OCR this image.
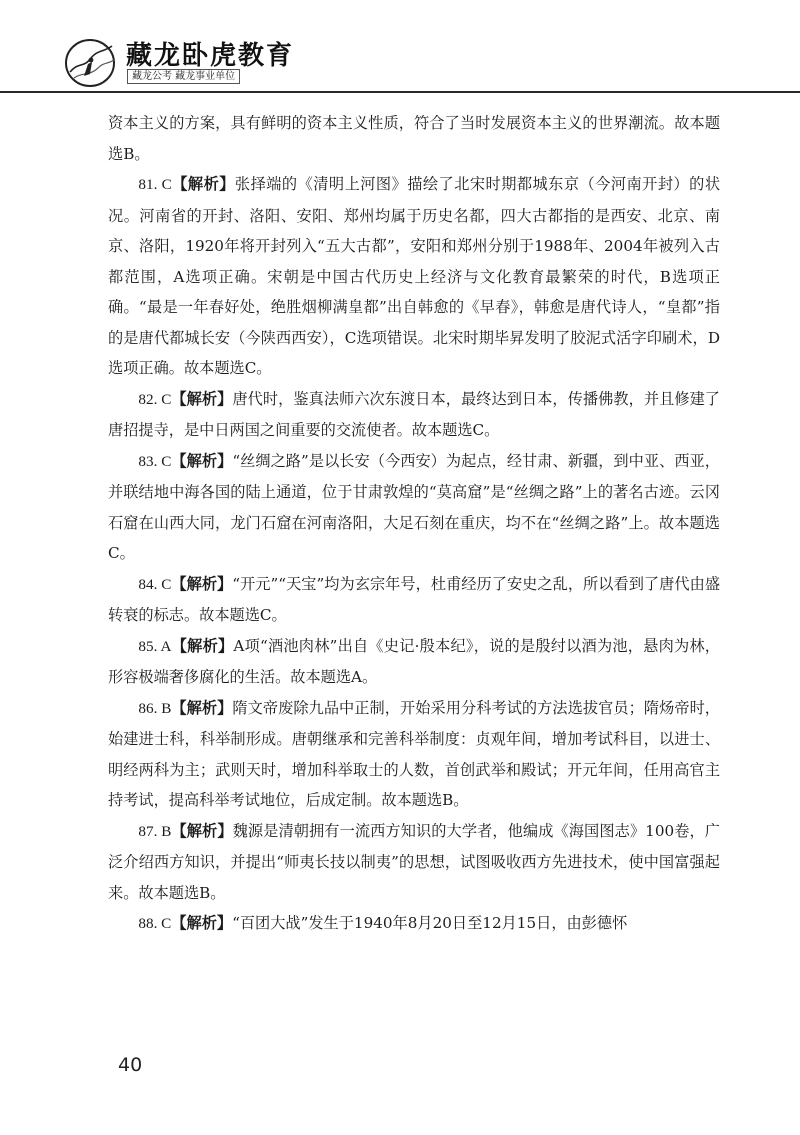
藏龙卧虎教育
藏龙公考 藏龙事业单位

资本主义的方案，具有鲜明的资本主义性质，符合了当时发展资本主义的世界潮流。故本题选B。

81. C【解析】张择端的《清明上河图》描绘了北宋时期都城东京（今河南开封）的状况。河南省的开封、洛阳、安阳、郑州均属于历史名都，四大古都指的是西安、北京、南京、洛阳，1920年将开封列入“五大古都”，安阳和郑州分别于1988年、2004年被列入古都范围，A选项正确。宋朝是中国古代历史上经济与文化教育最繁荣的时代，B选项正确。“最是一年春好处，绝胜烟柳满皇都”出自韩愈的《早春》，韩愈是唐代诗人，“皇都”指的是唐代都城长安（今陕西西安），C选项错误。北宋时期毕昇发明了胶泥式活字印刷术，D选项正确。故本题选C。

82. C【解析】唐代时，鉴真法师六次东渡日本，最终达到日本，传播佛教，并且修建了唐招提寺，是中日两国之间重要的交流使者。故本题选C。

83. C【解析】“丝绸之路”是以长安（今西安）为起点，经甘肃、新疆，到中亚、西亚，并联结地中海各国的陆上通道，位于甘肃敦煌的“莫高窟”是“丝绸之路”上的著名古迹。云冈石窟在山西大同，龙门石窟在河南洛阳，大足石刻在重庆，均不在“丝绸之路”上。故本题选C。

84. C【解析】“开元”“天宝”均为玄宗年号，杜甫经历了安史之乱，所以看到了唐代由盛转衰的标志。故本题选C。

85. A【解析】A项“酒池肉林”出自《史记·殷本纪》，说的是殷纣以酒为池，悬肉为林，形容极端奢侈腐化的生活。故本题选A。

86. B【解析】隋文帝废除九品中正制，开始采用分科考试的方法选拔官员；隋炀帝时，始建进士科，科举制形成。唐朝继承和完善科举制度：贞观年间，增加考试科目，以进士、明经两科为主；武则天时，增加科举取士的人数，首创武举和殿试；开元年间，任用高官主持考试，提高科举考试地位，后成定制。故本题选B。

87. B【解析】魏源是清朝拥有一流西方知识的大学者，他编成《海国图志》100卷，广泛介绍西方知识，并提出“师夷长技以制夷”的思想，试图吸收西方先进技术，使中国富强起来。故本题选B。

88. C【解析】“百团大战”发生于1940年8月20日至12月15日，由彭德怀

40
